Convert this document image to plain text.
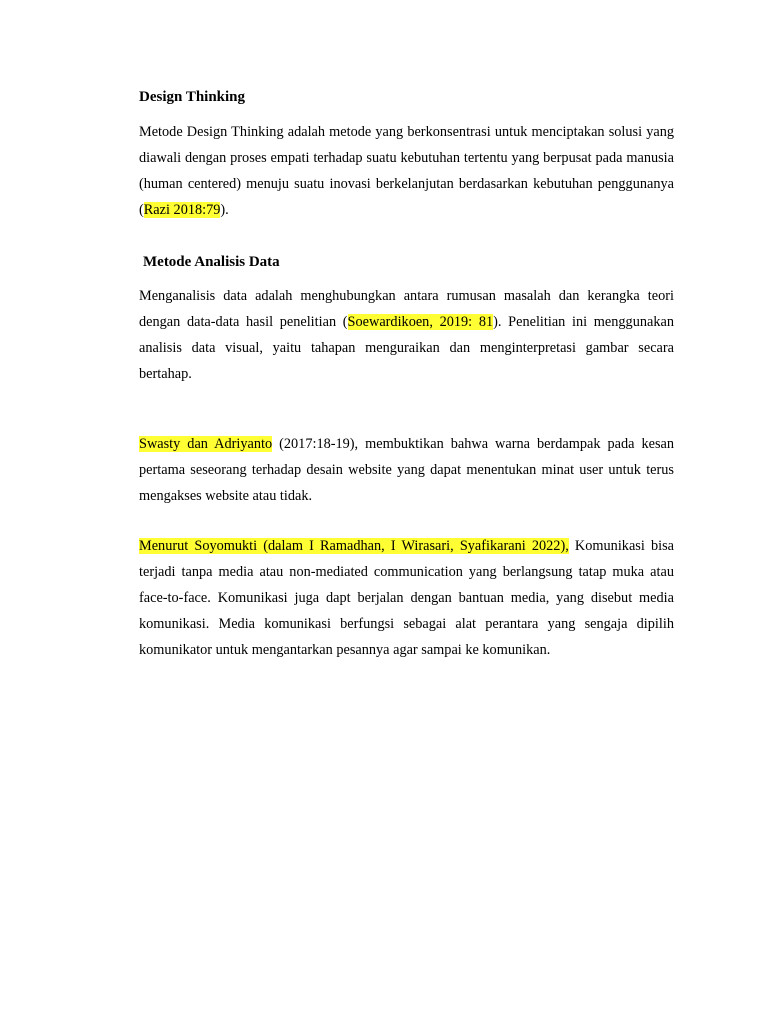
Design Thinking

Metode Design Thinking adalah metode yang berkonsentrasi untuk menciptakan solusi yang diawali dengan proses empati terhadap suatu kebutuhan tertentu yang berpusat pada manusia (human centered) menuju suatu inovasi berkelanjutan berdasarkan kebutuhan penggunanya (Razi 2018:79).

Metode Analisis Data

Menganalisis data adalah menghubungkan antara rumusan masalah dan kerangka teori dengan data-data hasil penelitian (Soewardikoen, 2019: 81). Penelitian ini menggunakan analisis data visual, yaitu tahapan menguraikan dan menginterpretasi gambar secara bertahap.

Swasty dan Adriyanto (2017:18-19), membuktikan bahwa warna berdampak pada kesan pertama seseorang terhadap desain website yang dapat menentukan minat user untuk terus mengakses website atau tidak.

Menurut Soyomukti (dalam I Ramadhan, I Wirasari, Syafikarani 2022), Komunikasi bisa terjadi tanpa media atau non-mediated communication yang berlangsung tatap muka atau face-to-face. Komunikasi juga dapt berjalan dengan bantuan media, yang disebut media komunikasi. Media komunikasi berfungsi sebagai alat perantara yang sengaja dipilih komunikator untuk mengantarkan pesannya agar sampai ke komunikan.
